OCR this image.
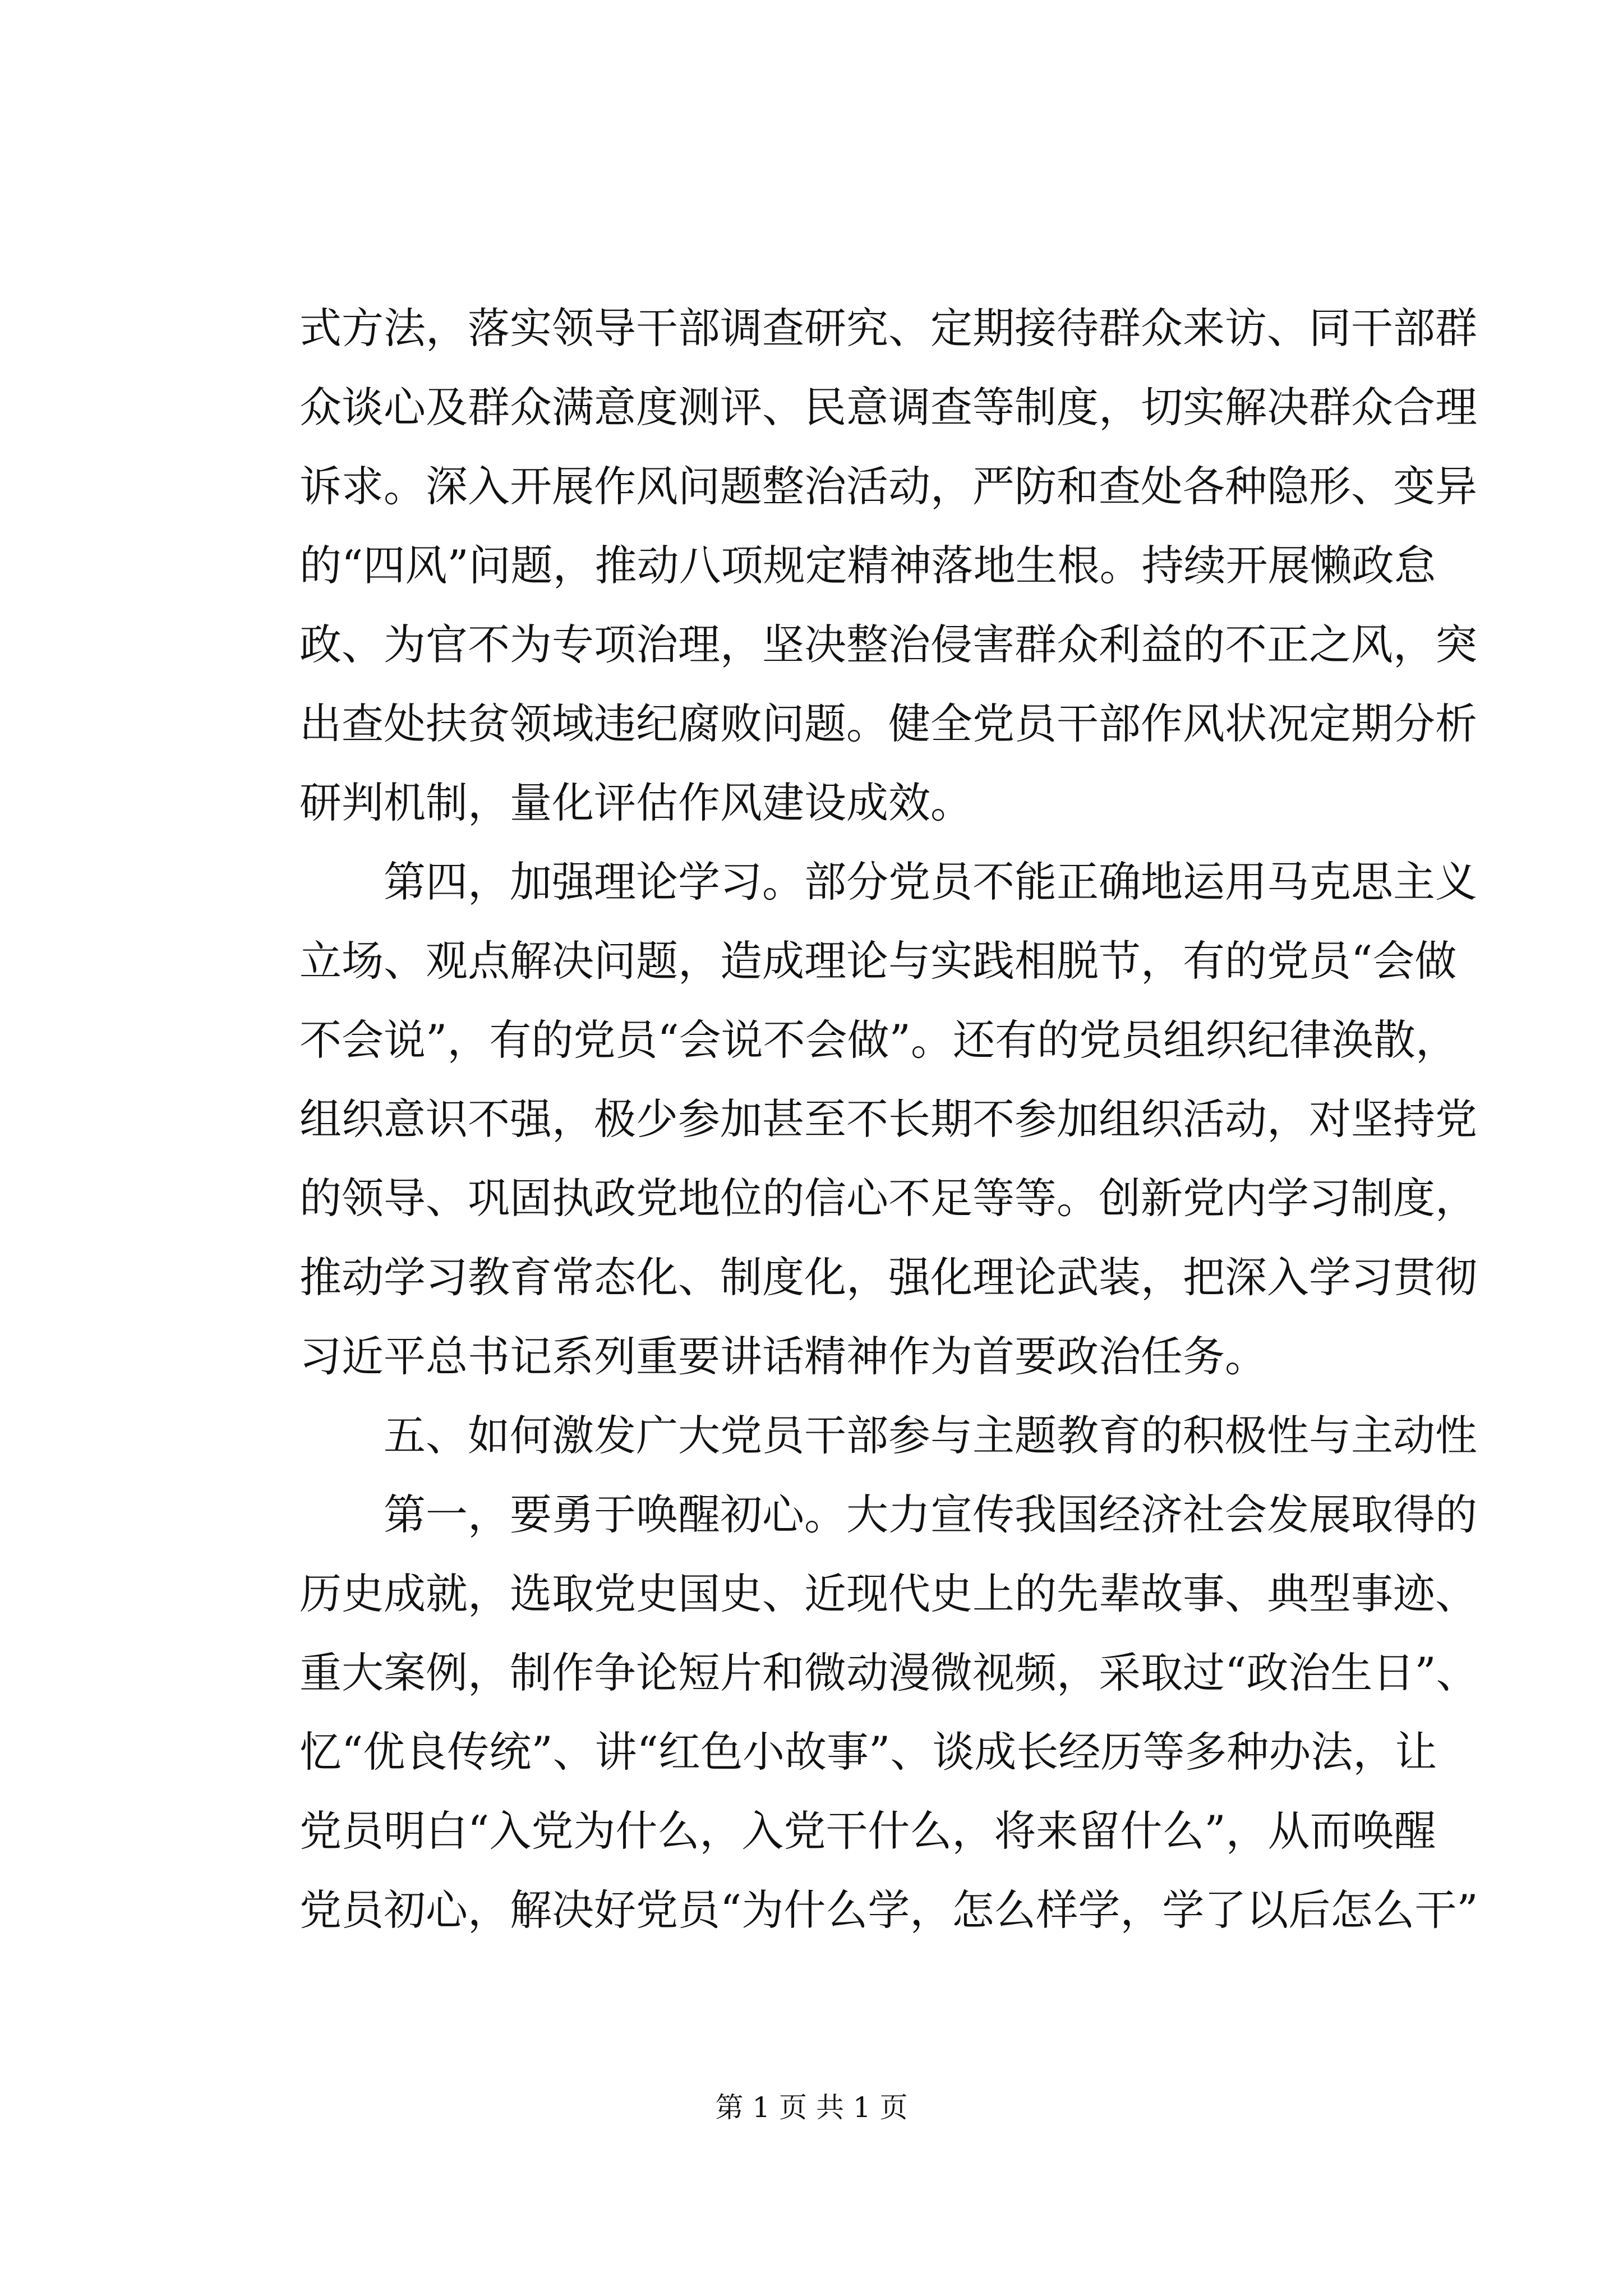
式方法，落实领导干部调查研究、定期接待群众来访、同干部群
众谈心及群众满意度测评、民意调查等制度，切实解决群众合理
诉求。深入开展作风问题整治活动，严防和查处各种隐形、变异
的“四风”问题，推动八项规定精神落地生根。持续开展懒政怠
政、为官不为专项治理，坚决整治侵害群众利益的不正之风，突
出查处扶贫领域违纪腐败问题。健全党员干部作风状况定期分析
研判机制，量化评估作风建设成效。
第四，加强理论学习。部分党员不能正确地运用马克思主义
立场、观点解决问题，造成理论与实践相脱节，有的党员“会做
不会说”，有的党员“会说不会做”。还有的党员组织纪律涣散，
组织意识不强，极少参加甚至不长期不参加组织活动，对坚持党
的领导、巩固执政党地位的信心不足等等。创新党内学习制度，
推动学习教育常态化、制度化，强化理论武装，把深入学习贯彻
习近平总书记系列重要讲话精神作为首要政治任务。
五、如何激发广大党员干部参与主题教育的积极性与主动性
第一，要勇于唤醒初心。大力宣传我国经济社会发展取得的
历史成就，选取党史国史、近现代史上的先辈故事、典型事迹、
重大案例，制作争论短片和微动漫微视频，采取过“政治生日”、
忆“优良传统”、讲“红色小故事”、谈成长经历等多种办法，让
党员明白“入党为什么，入党干什么，将来留什么”，从而唤醒
党员初心，解决好党员“为什么学，怎么样学，学了以后怎么干”
第 1 页 共 1 页
